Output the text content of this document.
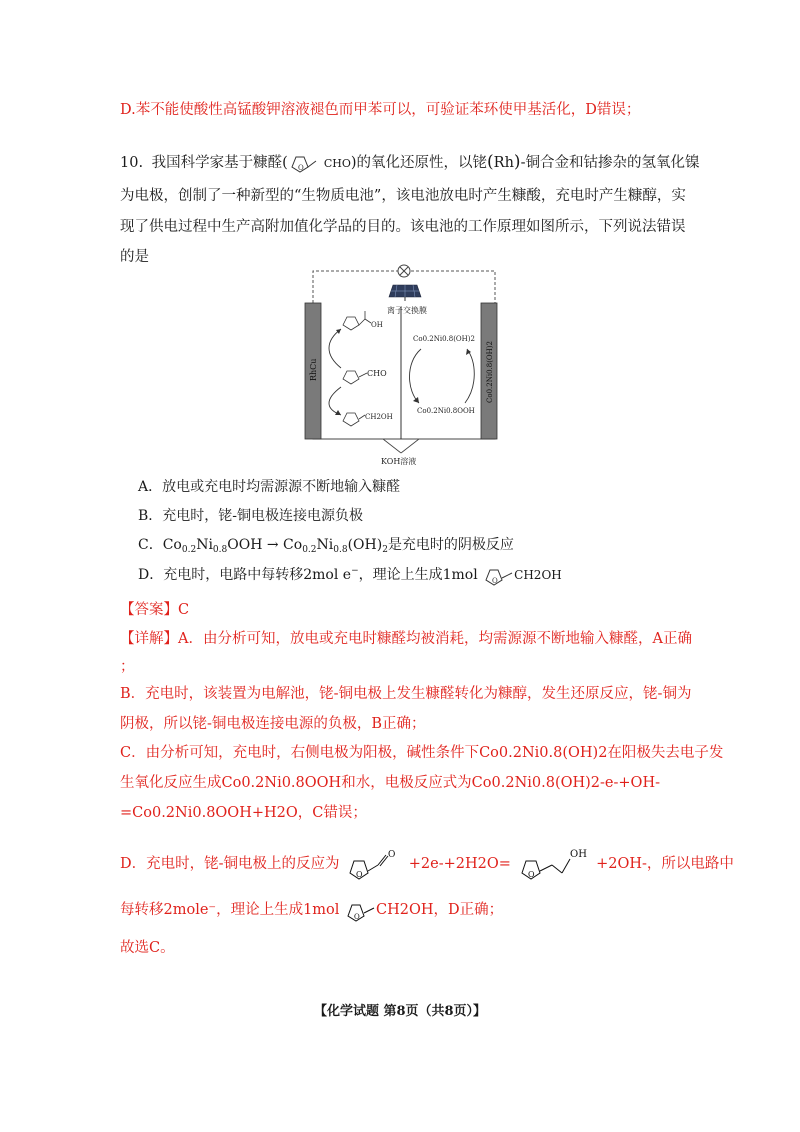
D.苯不能使酸性高锰酸钾溶液褪色而甲苯可以，可验证苯环使甲基活化，D错误；
10. 我国科学家基于糠醛( O CHO)的氧化还原性，以铑(Rh)-铜合金和钴掺杂的氢氧化镍
为电极，创制了一种新型的“生物质电池”，该电池放电时产生糠酸，充电时产生糠醇，实
现了供电过程中生产高附加值化学品的目的。该电池的工作原理如图所示，下列说法错误
的是
RhCu	Co0.2Ni0.8(OH)2
离子交换膜
OH
CHO
CH2OH
Co0.2Ni0.8(OH)2
Co0.2Ni0.8OOH
KOH溶液
A．放电或充电时均需源源不断地输入糠醛
B．充电时，铑-铜电极连接电源负极
C．$Co_{0.2}Ni_{0.8}OOH \to Co_{0.2}Ni_{0.8}(OH)_2$是充电时的阴极反应
D．充电时，电路中每转移2mol e−，理论上生成1mol O CH2OH
【答案】C
【详解】A．由分析可知，放电或充电时糠醛均被消耗，均需源源不断地输入糠醛，A正确
；
B．充电时，该装置为电解池，铑-铜电极上发生糠醛转化为糠醇，发生还原反应，铑-铜为
阴极，所以铑-铜电极连接电源的负极，B正确；
C．由分析可知，充电时，右侧电极为阳极，碱性条件下Co0.2Ni0.8(OH)2在阳极失去电子发
生氧化反应生成Co0.2Ni0.8OOH和水，电极反应式为Co0.2Ni0.8(OH)2-e-+OH-
=Co0.2Ni0.8OOH+H2O，C错误；
D．充电时，铑-铜电极上的反应为
O
O
+2e-+2H2O=
O
OH
+2OH-，所以电路中
每转移2mole⁻，理论上生成1mol O CH2OH，D正确；
故选C。
【化学试题 第8页（共8页）】
